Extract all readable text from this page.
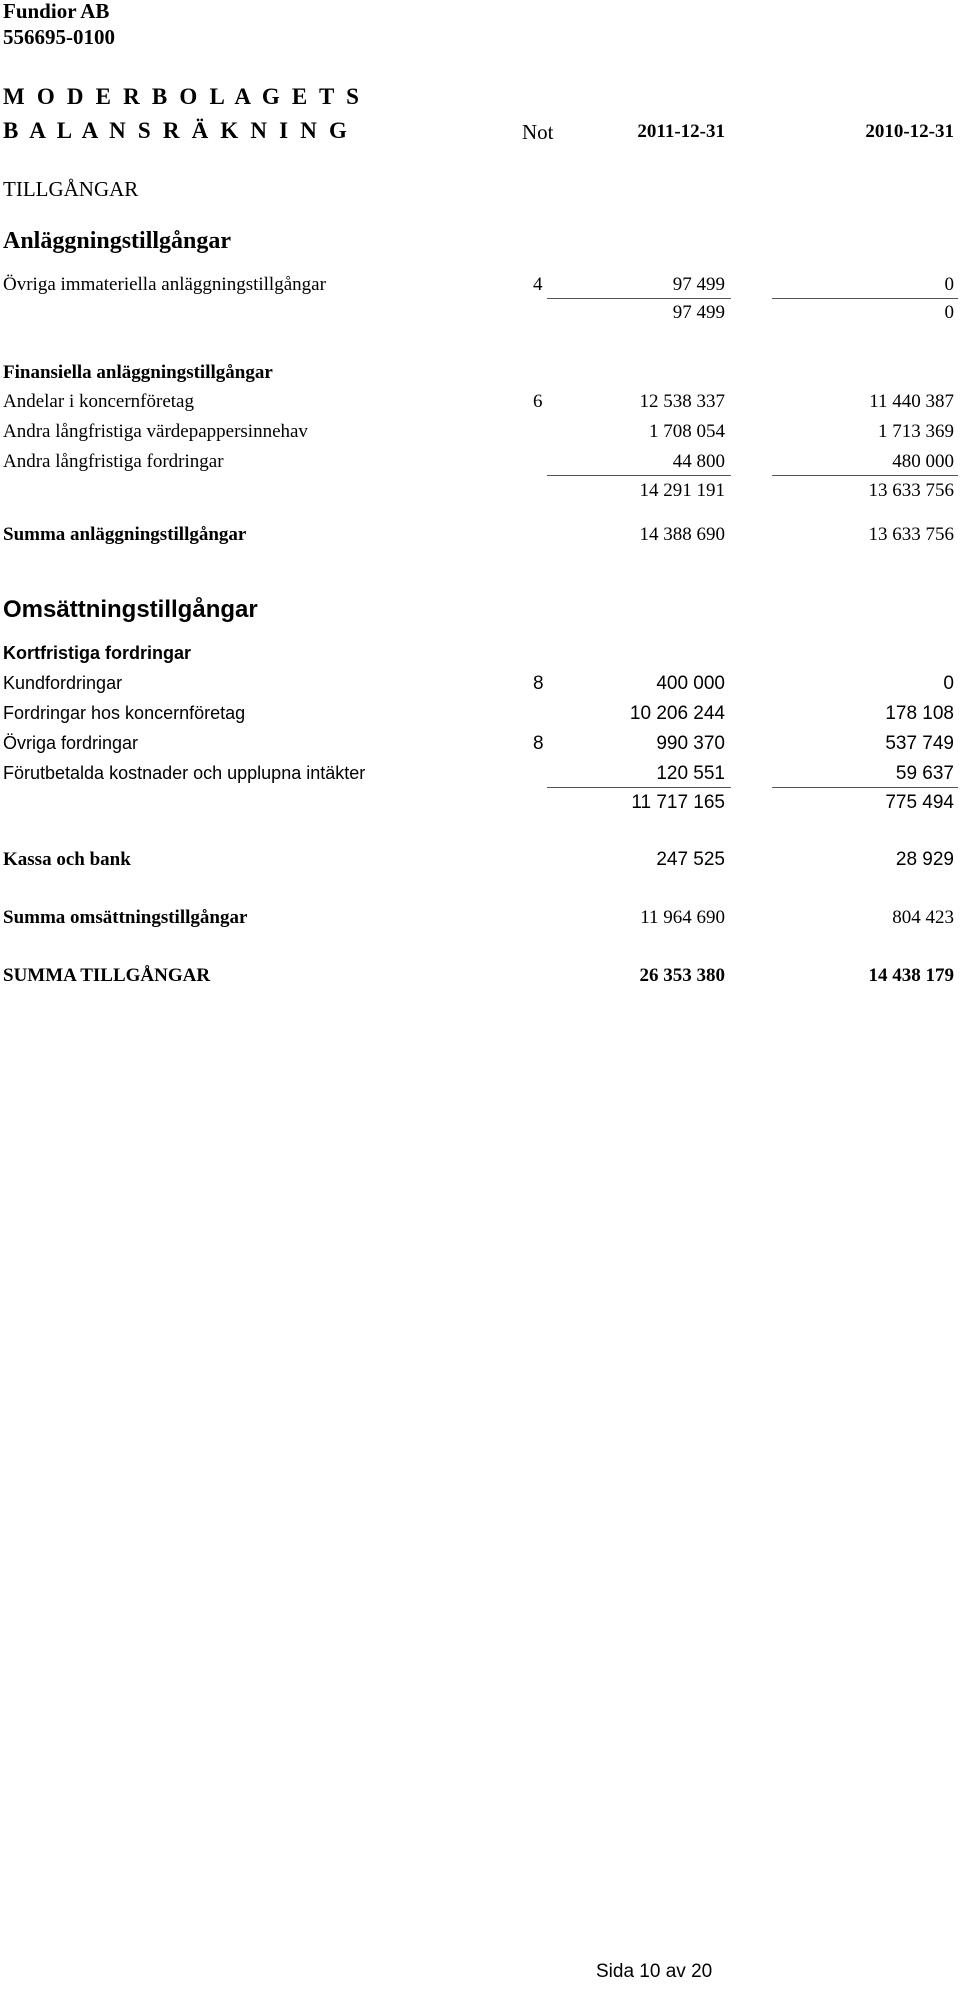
Fundior AB
556695-0100
M O D E R B O L A G E T S
B A L A N S R Ä K N I N G	Not	2011-12-31	2010-12-31
TILLGÅNGAR
Anläggningstillgångar
Övriga immateriella anläggningstillgångar	4	97 499	0
97 499	0
Finansiella anläggningstillgångar
Andelar i koncernföretag	6	12 538 337	11 440 387
Andra långfristiga värdepappersinnehav	1 708 054	1 713 369
Andra långfristiga fordringar	44 800	480 000
14 291 191	13 633 756
Summa anläggningstillgångar	14 388 690	13 633 756
Omsättningstillgångar
Kortfristiga fordringar
Kundfordringar	8	400 000	0
Fordringar hos koncernföretag	10 206 244	178 108
Övriga fordringar	8	990 370	537 749
Förutbetalda kostnader och upplupna intäkter	120 551	59 637
11 717 165	775 494
Kassa och bank	247 525	28 929
Summa omsättningstillgångar	11 964 690	804 423
SUMMA TILLGÅNGAR	26 353 380	14 438 179
Sida 10 av 20
